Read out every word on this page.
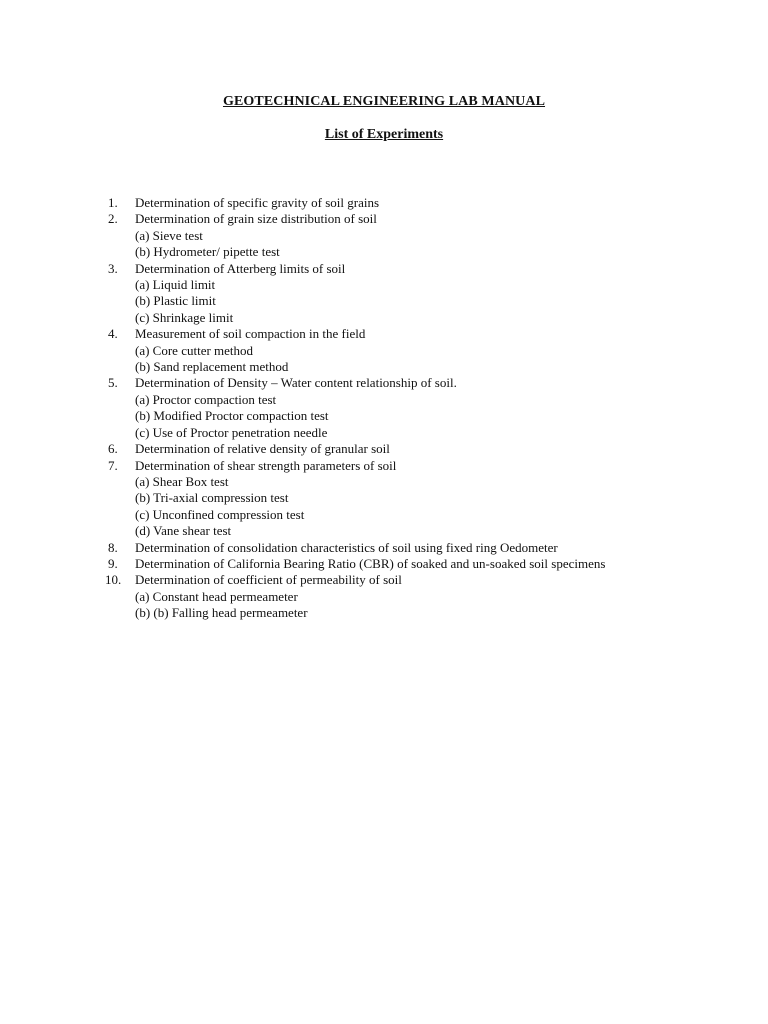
GEOTECHNICAL ENGINEERING LAB MANUAL
List of Experiments
1. Determination of specific gravity of soil grains
2. Determination of grain size distribution of soil
(a) Sieve test
(b) Hydrometer/ pipette test
3. Determination of Atterberg limits of soil
(a) Liquid limit
(b) Plastic limit
(c) Shrinkage limit
4. Measurement of soil compaction in the field
(a) Core cutter method
(b) Sand replacement method
5. Determination of Density – Water content relationship of soil.
(a) Proctor compaction test
(b) Modified Proctor compaction test
(c) Use of Proctor penetration needle
6. Determination of relative density of granular soil
7. Determination of shear strength parameters of soil
(a) Shear Box test
(b) Tri-axial compression test
(c) Unconfined compression test
(d) Vane shear test
8. Determination of consolidation characteristics of soil using fixed ring Oedometer
9. Determination of California Bearing Ratio (CBR) of soaked and un-soaked soil specimens
10. Determination of coefficient of permeability of soil
(a) Constant head permeameter
(b) (b) Falling head permeameter
